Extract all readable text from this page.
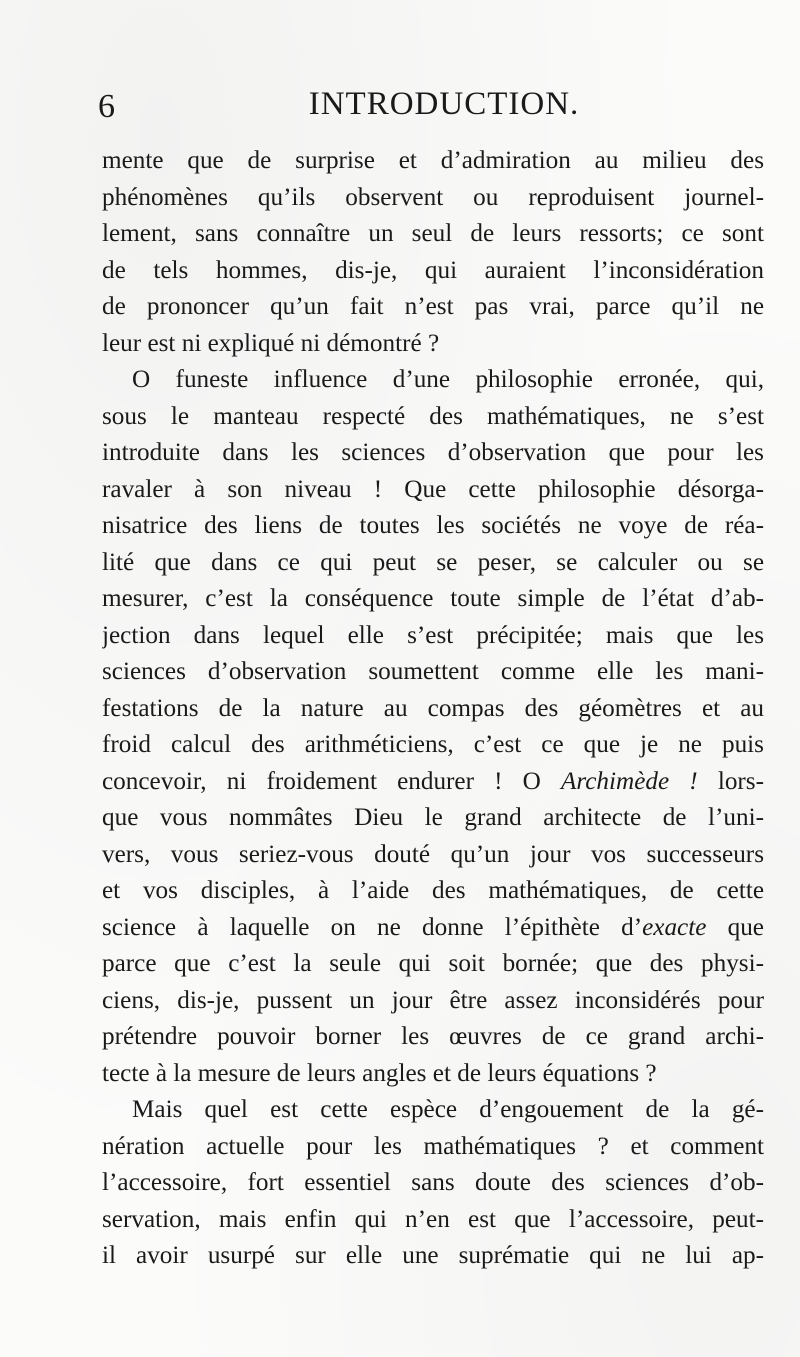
6	INTRODUCTION.
mente que de surprise et d’admiration au milieu des
phénomènes qu’ils observent ou reproduisent journel-
lement, sans connaître un seul de leurs ressorts; ce sont
de tels hommes, dis-je, qui auraient l’inconsidération
de prononcer qu’un fait n’est pas vrai, parce qu’il ne
leur est ni expliqué ni démontré ?
O funeste influence d’une philosophie erronée, qui,
sous le manteau respecté des mathématiques, ne s’est
introduite dans les sciences d’observation que pour les
ravaler à son niveau ! Que cette philosophie désorga-
nisatrice des liens de toutes les sociétés ne voye de réa-
lité que dans ce qui peut se peser, se calculer ou se
mesurer, c’est la conséquence toute simple de l’état d’ab-
jection dans lequel elle s’est précipitée; mais que les
sciences d’observation soumettent comme elle les mani-
festations de la nature au compas des géomètres et au
froid calcul des arithméticiens, c’est ce que je ne puis
concevoir, ni froidement endurer ! O Archimède ! lors-
que vous nommâtes Dieu le grand architecte de l’uni-
vers, vous seriez-vous douté qu’un jour vos successeurs
et vos disciples, à l’aide des mathématiques, de cette
science à laquelle on ne donne l’épithète d’exacte que
parce que c’est la seule qui soit bornée; que des physi-
ciens, dis-je, pussent un jour être assez inconsidérés pour
prétendre pouvoir borner les œuvres de ce grand archi-
tecte à la mesure de leurs angles et de leurs équations ?
Mais quel est cette espèce d’engouement de la gé-
nération actuelle pour les mathématiques ? et comment
l’accessoire, fort essentiel sans doute des sciences d’ob-
servation, mais enfin qui n’en est que l’accessoire, peut-
il avoir usurpé sur elle une suprématie qui ne lui ap-
